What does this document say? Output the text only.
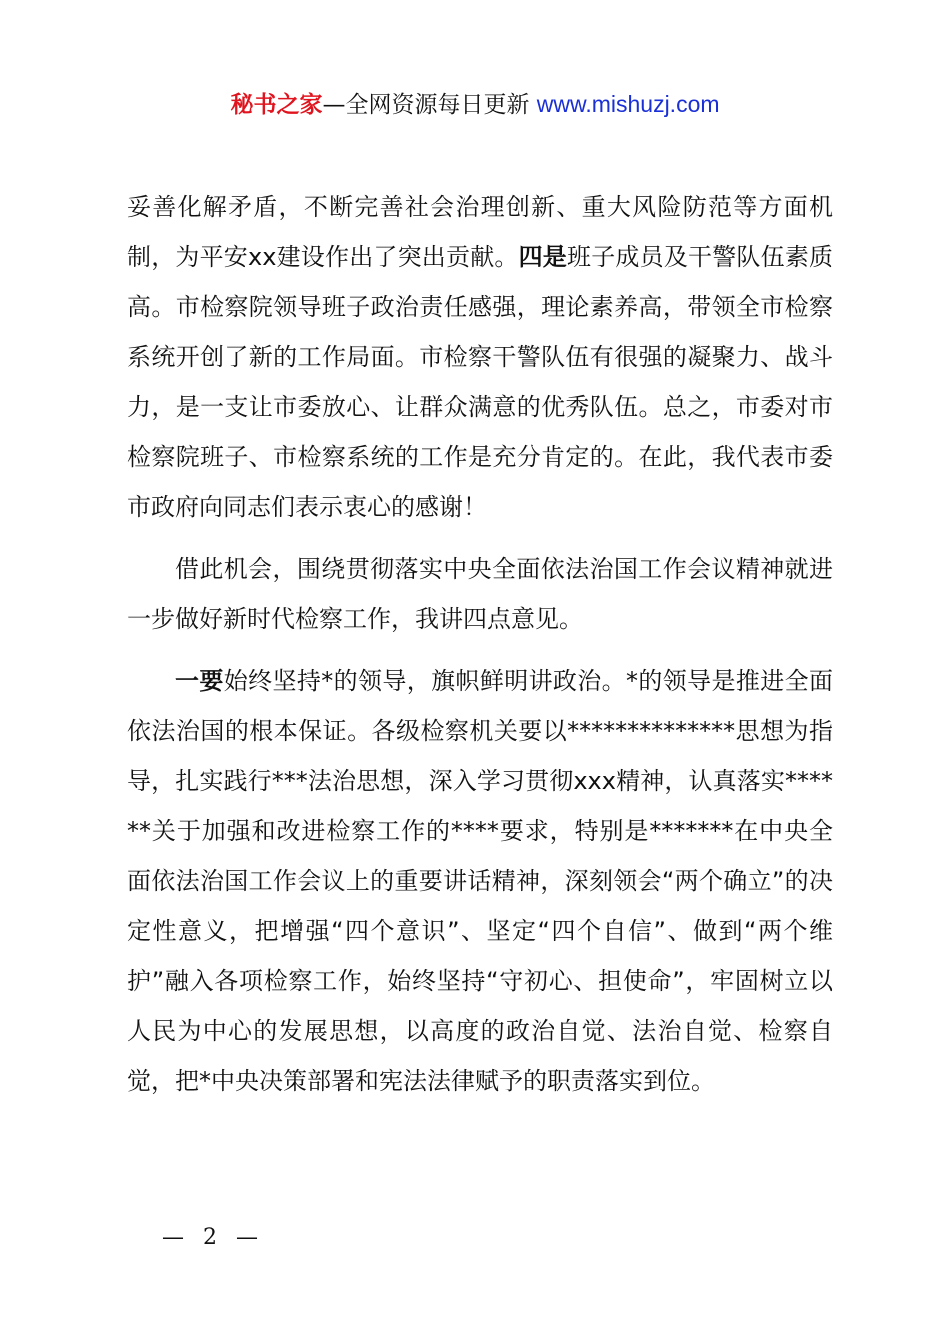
秘书之家—全网资源每日更新 www.mishuzj.com

妥善化解矛盾，不断完善社会治理创新、重大风险防范等方面机制，为平安xx建设作出了突出贡献。四是班子成员及干警队伍素质高。市检察院领导班子政治责任感强，理论素养高，带领全市检察系统开创了新的工作局面。市检察干警队伍有很强的凝聚力、战斗力，是一支让市委放心、让群众满意的优秀队伍。总之，市委对市检察院班子、市检察系统的工作是充分肯定的。在此，我代表市委市政府向同志们表示衷心的感谢！

借此机会，围绕贯彻落实中央全面依法治国工作会议精神就进一步做好新时代检察工作，我讲四点意见。

一要始终坚持*的领导，旗帜鲜明讲政治。*的领导是推进全面依法治国的根本保证。各级检察机关要以**************思想为指导，扎实践行***法治思想，深入学习贯彻xxx精神，认真落实******关于加强和改进检察工作的****要求，特别是*******在中央全面依法治国工作会议上的重要讲话精神，深刻领会“两个确立”的决定性意义，把增强“四个意识”、坚定“四个自信”、做到“两个维护”融入各项检察工作，始终坚持“守初心、担使命”，牢固树立以人民为中心的发展思想，以高度的政治自觉、法治自觉、检察自觉，把*中央决策部署和宪法法律赋予的职责落实到位。

— 2 —
